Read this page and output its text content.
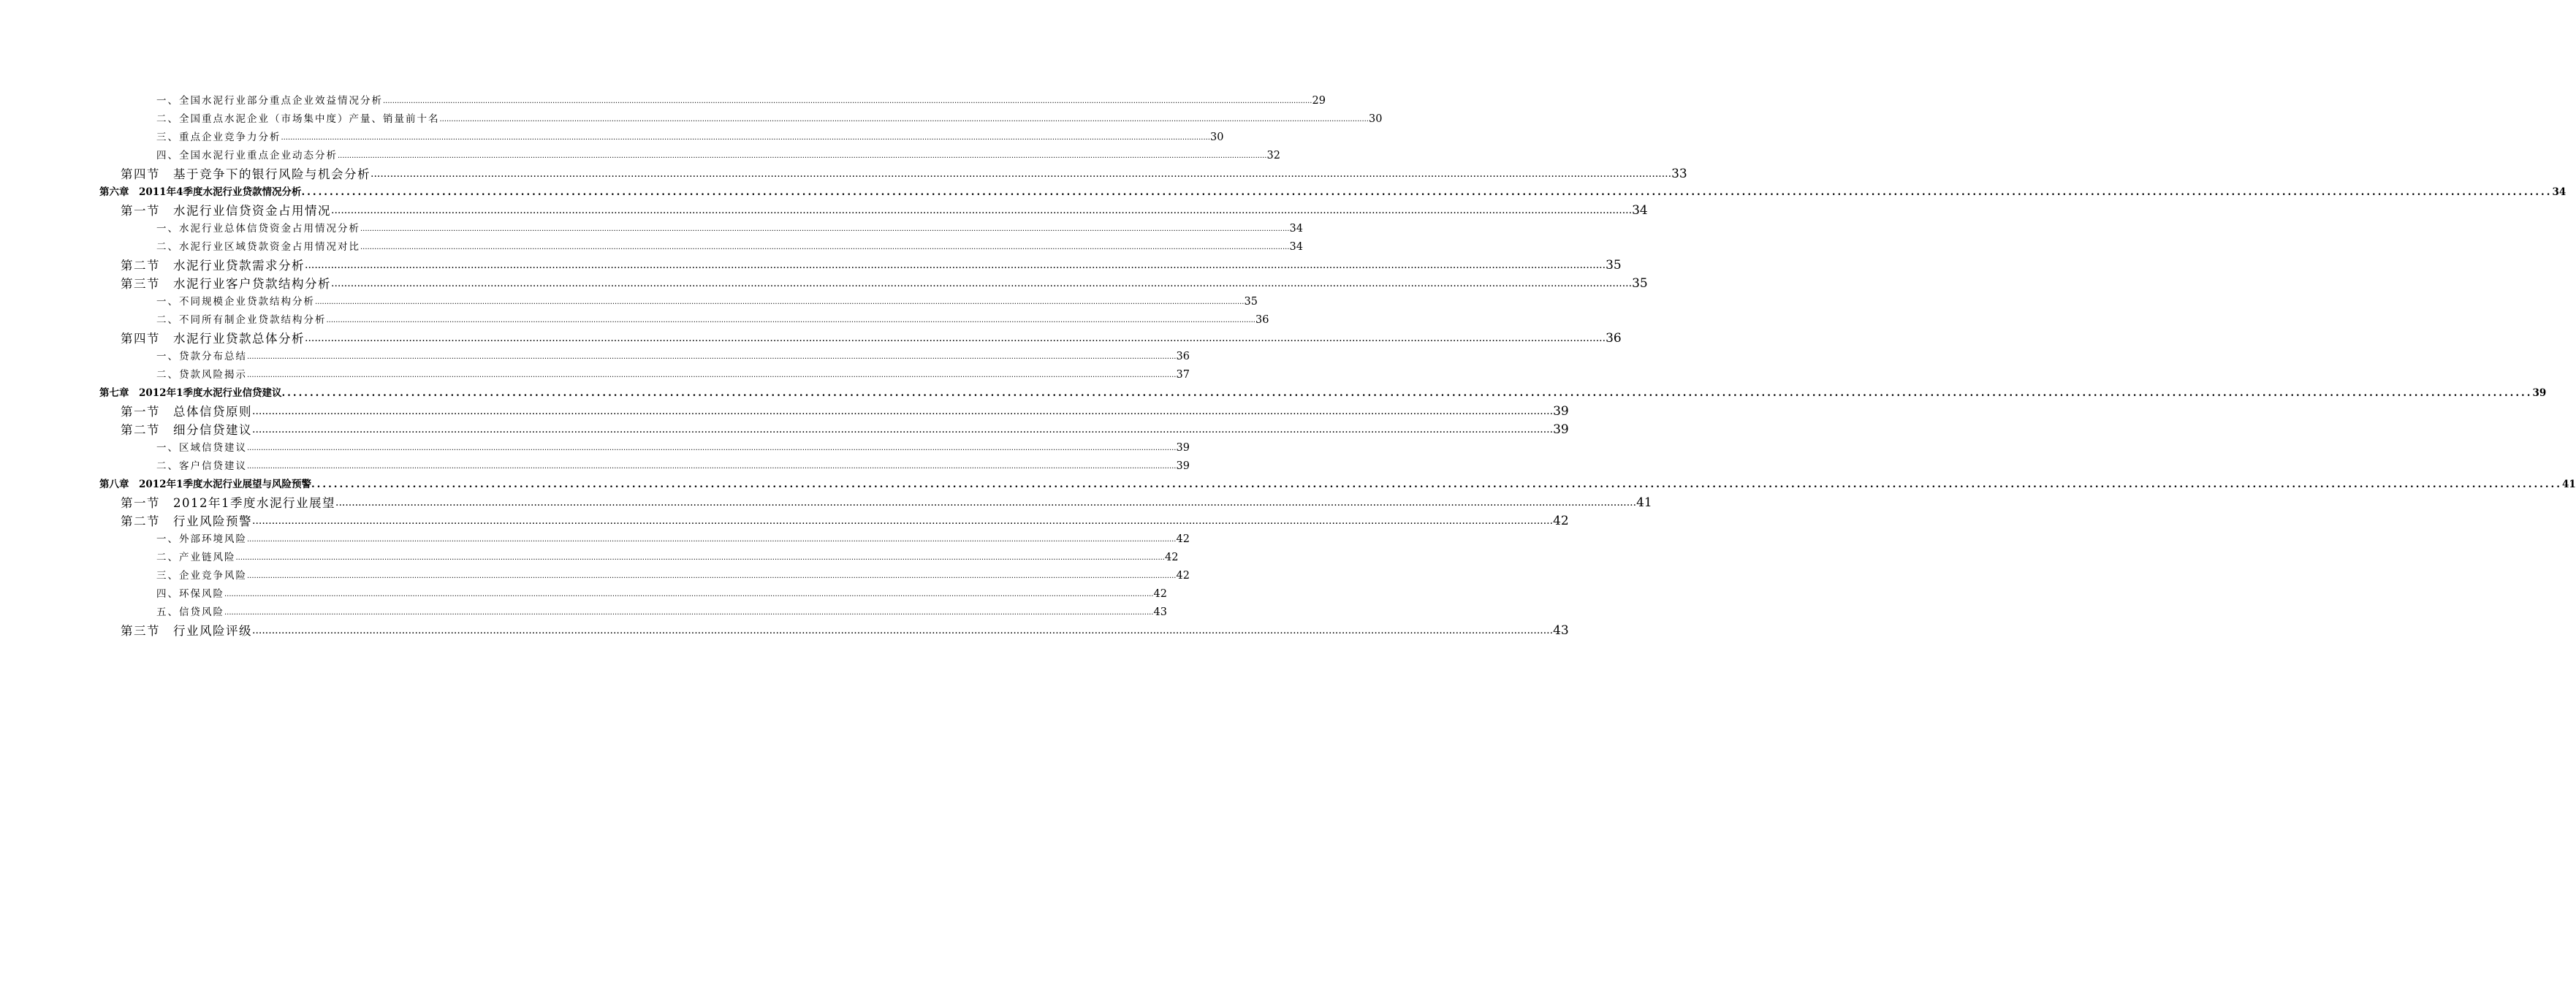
一、全国水泥行业部分重点企业效益情况分析 ................................................................................................................................................................................................................................................................................................................................................................................................................ 29
二、全国重点水泥企业（市场集中度）产量、销量前十名 ................................................................................................................................................................................................................................................................................................................................................................................................................ 30
三、重点企业竞争力分析 ................................................................................................................................................................................................................................................................................................................................................................................................................ 30
四、全国水泥行业重点企业动态分析 ................................................................................................................................................................................................................................................................................................................................................................................................................ 32
第四节　基于竞争下的银行风险与机会分析 ................................................................................................................................................................................................................................................................................................................................................................................................................ 33
第六章　2011年4季度水泥行业贷款情况分析 ................................................................................................................................................................................................................................................................................................................................................................................................................ 34
第一节　水泥行业信贷资金占用情况 ................................................................................................................................................................................................................................................................................................................................................................................................................ 34
一、水泥行业总体信贷资金占用情况分析 ................................................................................................................................................................................................................................................................................................................................................................................................................ 34
二、水泥行业区域贷款资金占用情况对比 ................................................................................................................................................................................................................................................................................................................................................................................................................ 34
第二节　水泥行业贷款需求分析 ................................................................................................................................................................................................................................................................................................................................................................................................................ 35
第三节　水泥行业客户贷款结构分析 ................................................................................................................................................................................................................................................................................................................................................................................................................ 35
一、不同规模企业贷款结构分析 ................................................................................................................................................................................................................................................................................................................................................................................................................ 35
二、不同所有制企业贷款结构分析 ................................................................................................................................................................................................................................................................................................................................................................................................................ 36
第四节　水泥行业贷款总体分析 ................................................................................................................................................................................................................................................................................................................................................................................................................ 36
一、贷款分布总结 ................................................................................................................................................................................................................................................................................................................................................................................................................ 36
二、贷款风险揭示 ................................................................................................................................................................................................................................................................................................................................................................................................................ 37
第七章　2012年1季度水泥行业信贷建议 ................................................................................................................................................................................................................................................................................................................................................................................................................ 39
第一节　总体信贷原则 ................................................................................................................................................................................................................................................................................................................................................................................................................ 39
第二节　细分信贷建议 ................................................................................................................................................................................................................................................................................................................................................................................................................ 39
一、区域信贷建议 ................................................................................................................................................................................................................................................................................................................................................................................................................ 39
二、客户信贷建议 ................................................................................................................................................................................................................................................................................................................................................................................................................ 39
第八章　2012年1季度水泥行业展望与风险预警 ................................................................................................................................................................................................................................................................................................................................................................................................................ 41
第一节　2012年1季度水泥行业展望 ................................................................................................................................................................................................................................................................................................................................................................................................................ 41
第二节　行业风险预警 ................................................................................................................................................................................................................................................................................................................................................................................................................ 42
一、外部环境风险 ................................................................................................................................................................................................................................................................................................................................................................................................................ 42
二、产业链风险 ................................................................................................................................................................................................................................................................................................................................................................................................................ 42
三、企业竞争风险 ................................................................................................................................................................................................................................................................................................................................................................................................................ 42
四、环保风险 ................................................................................................................................................................................................................................................................................................................................................................................................................ 42
五、信贷风险 ................................................................................................................................................................................................................................................................................................................................................................................................................ 43
第三节　行业风险评级 ................................................................................................................................................................................................................................................................................................................................................................................................................ 43
